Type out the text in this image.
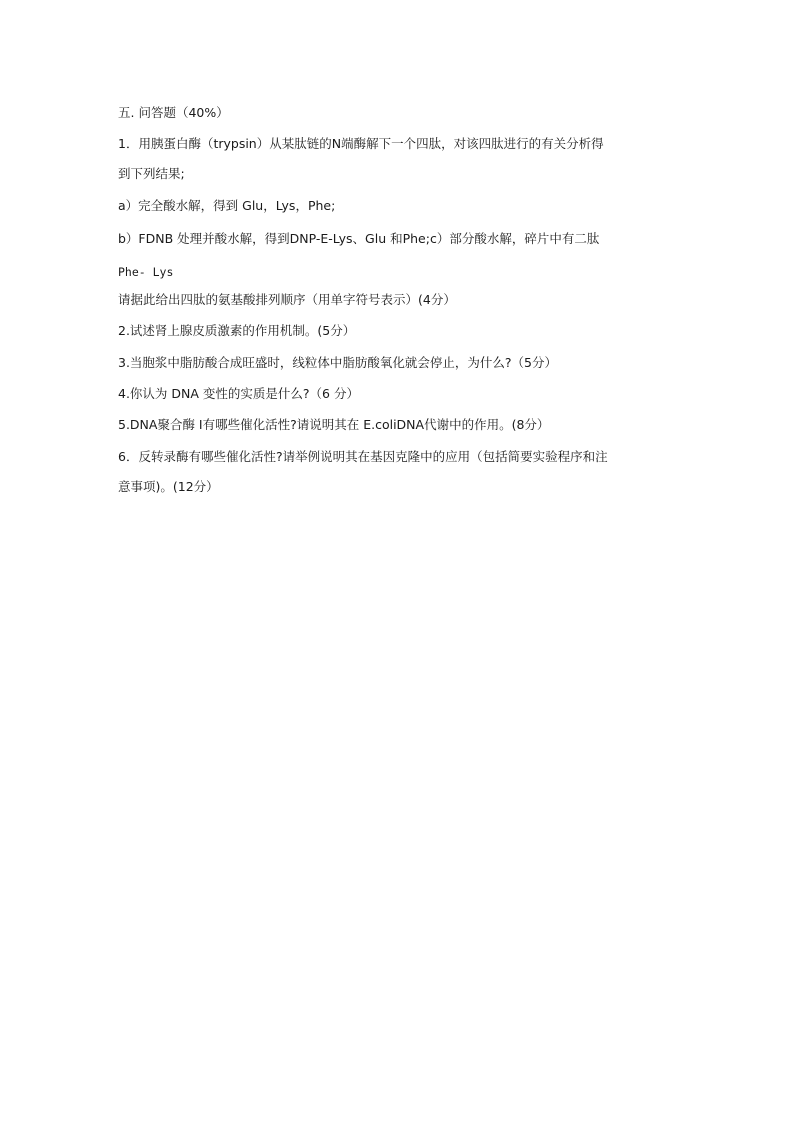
五. 问答题（40%）
1．用胰蛋白酶（trypsin）从某肽链的N端酶解下一个四肽，对该四肽进行的有关分析得
到下列结果;
a）完全酸水解，得到 Glu，Lys，Phe;
b）FDNB 处理并酸水解，得到DNP-E-Lys、Glu 和Phe;c）部分酸水解，碎片中有二肽
Phe- Lys
请据此给出四肽的氨基酸排列顺序（用单字符号表示）(4分）
2.试述肾上腺皮质激素的作用机制。(5分）
3.当胞浆中脂肪酸合成旺盛时，线粒体中脂肪酸氧化就会停止，为什么?（5分）
4.你认为 DNA 变性的实质是什么?（6 分）
5.DNA聚合酶 I有哪些催化活性?请说明其在 E.coliDNA代谢中的作用。(8分）
6．反转录酶有哪些催化活性?请举例说明其在基因克隆中的应用（包括简要实验程序和注
意事项)。(12分）
